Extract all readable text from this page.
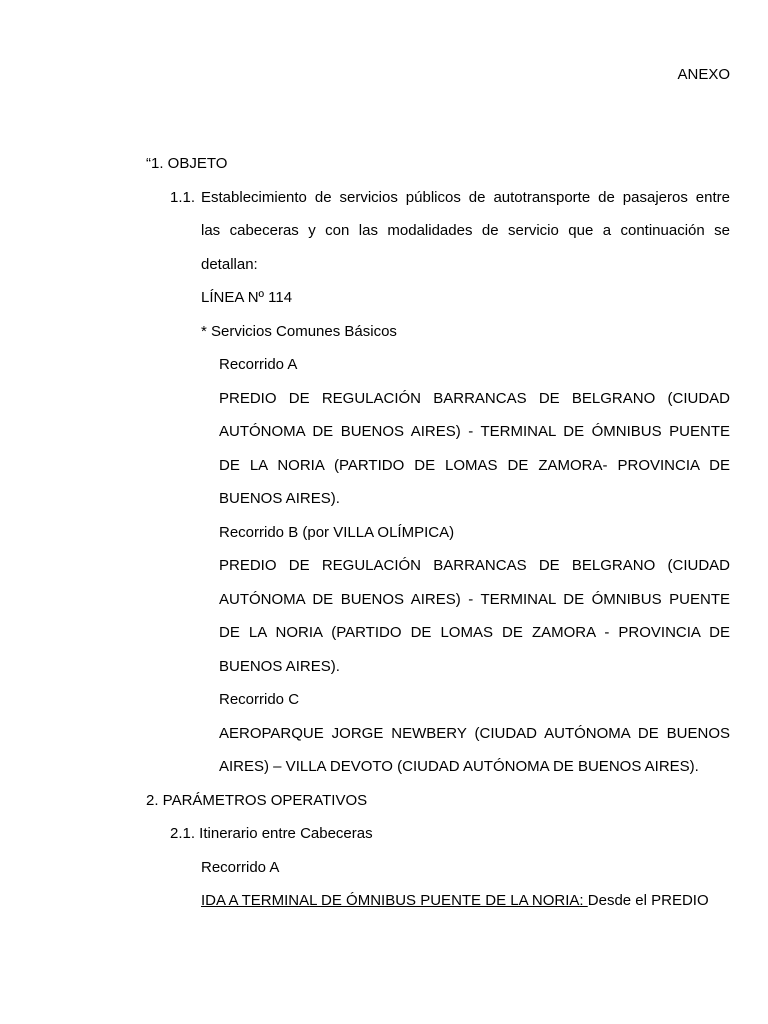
ANEXO

“1. OBJETO

1.1. Establecimiento de servicios públicos de autotransporte de pasajeros entre

las cabeceras y con las modalidades de servicio que a continuación se

detallan:

LÍNEA Nº 114

* Servicios Comunes Básicos

Recorrido A

PREDIO DE REGULACIÓN BARRANCAS DE BELGRANO (CIUDAD

AUTÓNOMA DE BUENOS AIRES) - TERMINAL DE ÓMNIBUS PUENTE

DE LA NORIA (PARTIDO DE LOMAS DE ZAMORA- PROVINCIA DE

BUENOS AIRES).

Recorrido B (por VILLA OLÍMPICA)

PREDIO DE REGULACIÓN BARRANCAS DE BELGRANO (CIUDAD

AUTÓNOMA DE BUENOS AIRES) - TERMINAL DE ÓMNIBUS PUENTE

DE LA NORIA (PARTIDO DE LOMAS DE ZAMORA - PROVINCIA DE

BUENOS AIRES).

Recorrido C

AEROPARQUE JORGE NEWBERY (CIUDAD AUTÓNOMA DE BUENOS

AIRES) – VILLA DEVOTO (CIUDAD AUTÓNOMA DE BUENOS AIRES).

2. PARÁMETROS OPERATIVOS

2.1. Itinerario entre Cabeceras

Recorrido A

IDA A TERMINAL DE ÓMNIBUS PUENTE DE LA NORIA: Desde el PREDIO
